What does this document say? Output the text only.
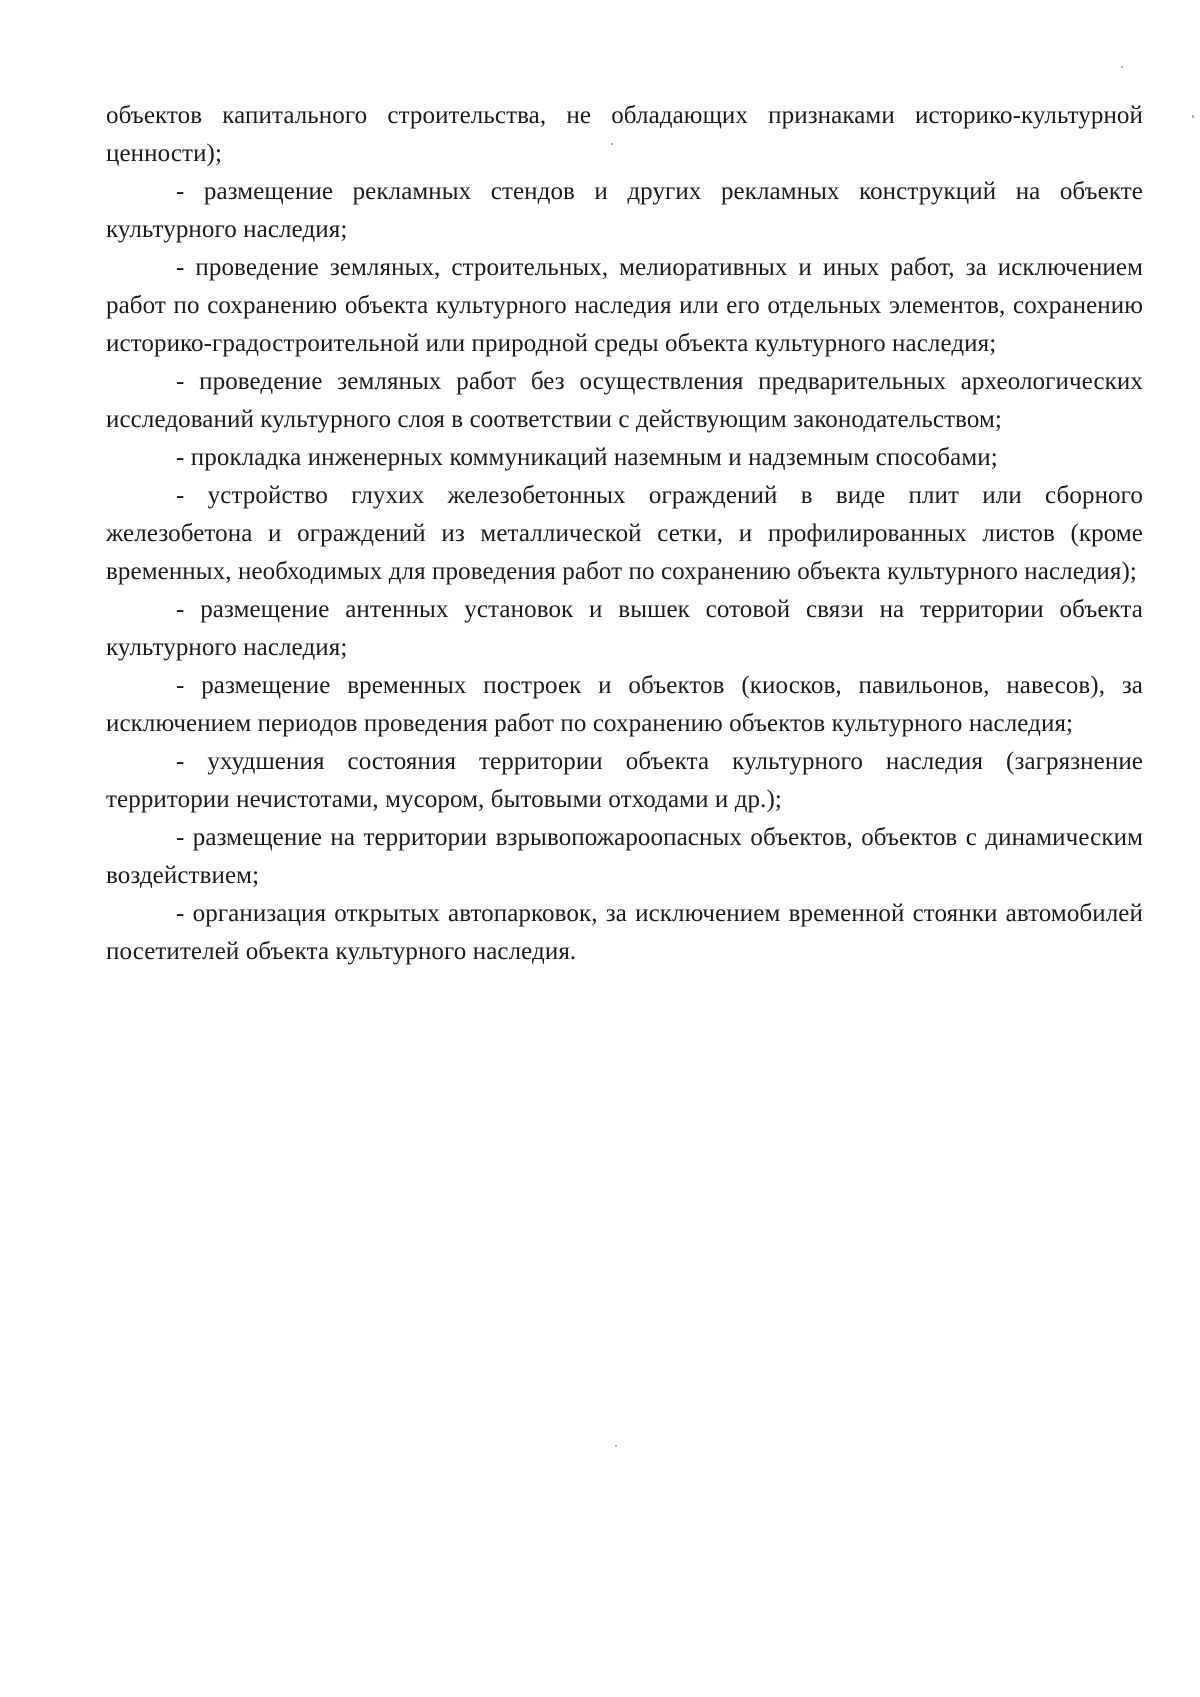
объектов капитального строительства, не обладающих признаками историко-культурной ценности);

- размещение рекламных стендов и других рекламных конструкций на объекте культурного наследия;

- проведение земляных, строительных, мелиоративных и иных работ, за исключением работ по сохранению объекта культурного наследия или его отдельных элементов, сохранению историко-градостроительной или природной среды объекта культурного наследия;

- проведение земляных работ без осуществления предварительных археологических исследований культурного слоя в соответствии с действующим законодательством;

- прокладка инженерных коммуникаций наземным и надземным способами;

- устройство глухих железобетонных ограждений в виде плит или сборного железобетона и ограждений из металлической сетки, и профилированных листов (кроме временных, необходимых для проведения работ по сохранению объекта культурного наследия);

- размещение антенных установок и вышек сотовой связи на территории объекта культурного наследия;

- размещение временных построек и объектов (киосков, павильонов, навесов), за исключением периодов проведения работ по сохранению объектов культурного наследия;

- ухудшения состояния территории объекта культурного наследия (загрязнение территории нечистотами, мусором, бытовыми отходами и др.);

- размещение на территории взрывопожароопасных объектов, объектов с динамическим воздействием;

- организация открытых автопарковок, за исключением временной стоянки автомобилей посетителей объекта культурного наследия.
